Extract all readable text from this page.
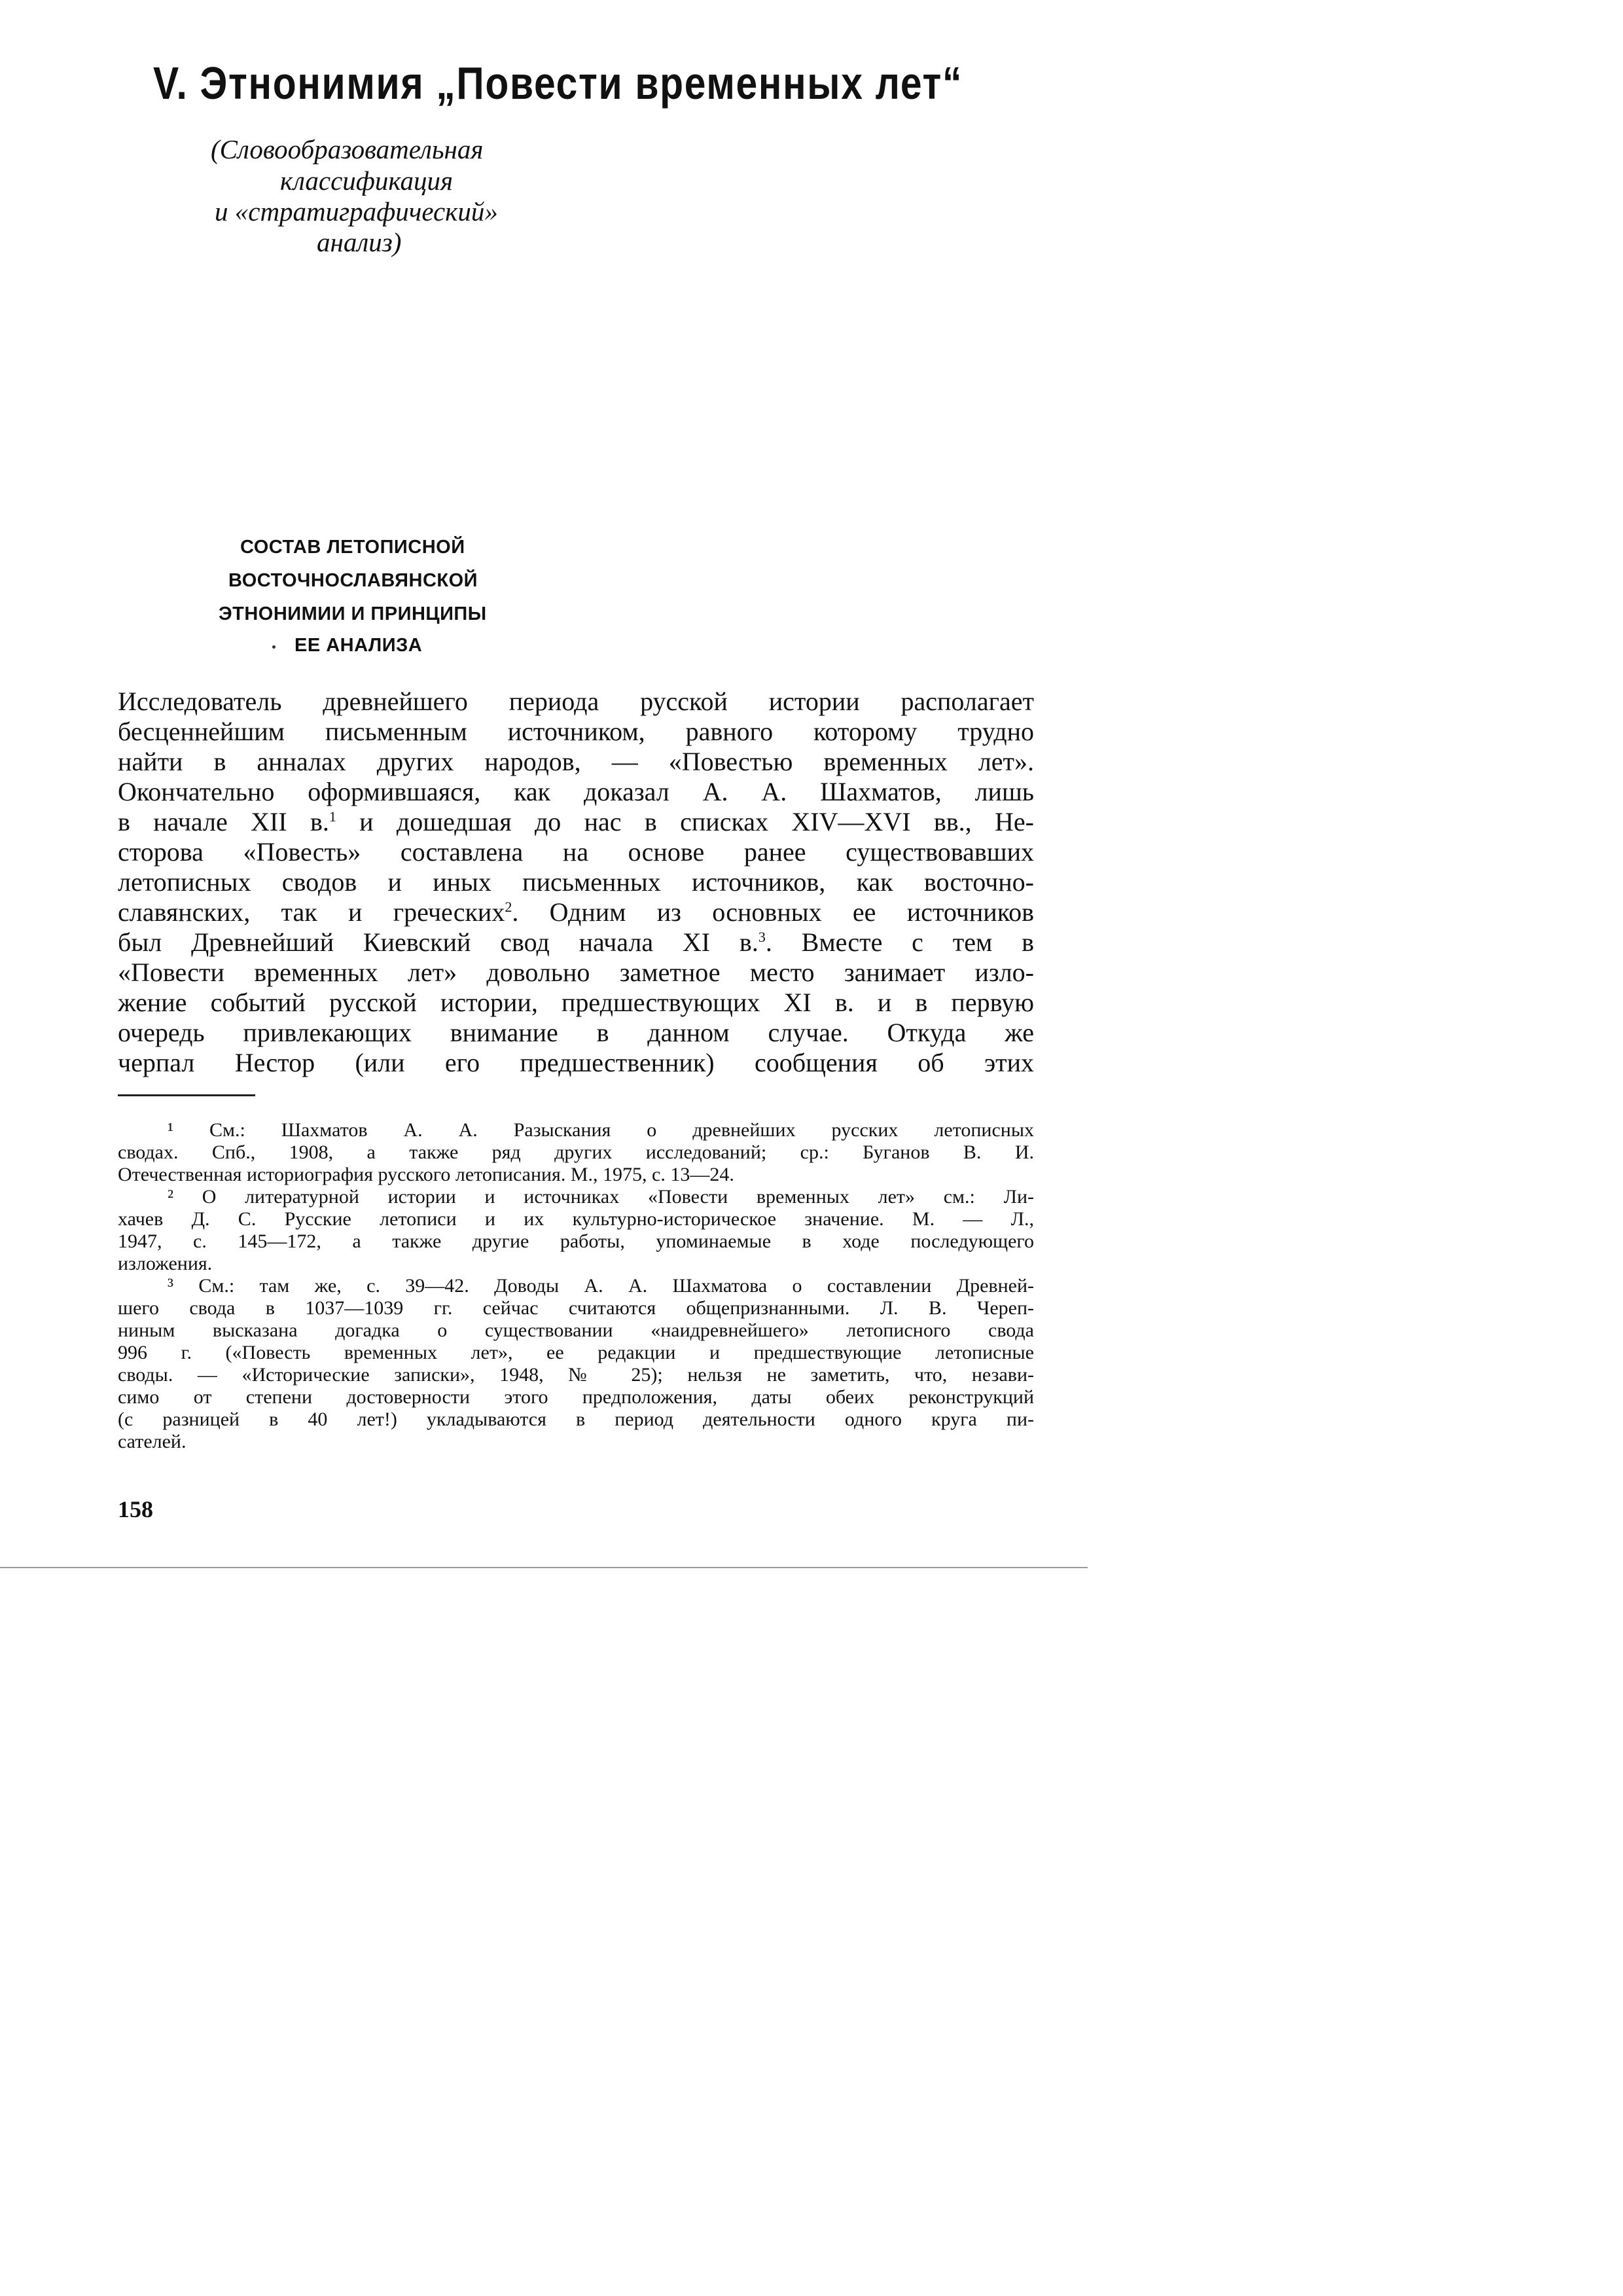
V. Этнонимия „Повести временных лет“

(Словообразовательная

классификация

и «стратиграфический»

анализ)

СОСТАВ ЛЕТОПИСНОЙ

ВОСТОЧНОСЛАВЯНСКОЙ

ЭТНОНИМИИ И ПРИНЦИПЫ

ЕЕ АНАЛИЗА

Исследователь древнейшего периода русской истории располагает

бесценнейшим письменным источником, равного которому трудно

найти в анналах других народов, — «Повестью временных лет».

Окончательно оформившаяся, как доказал А. А. Шахматов, лишь

в начале XII в.$^1$ и дошедшая до нас в списках XIV—XVI вв., Не-

сторова «Повесть» составлена на основе ранее существовавших

летописных сводов и иных письменных источников, как восточно-

славянских, так и греческих$^2$. Одним из основных ее источников

был Древнейший Киевский свод начала XI в.$^3$. Вместе с тем в

«Повести временных лет» довольно заметное место занимает изло-

жение событий русской истории, предшествующих XI в. и в первую

очередь привлекающих внимание в данном случае. Откуда же

черпал Нестор (или его предшественник) сообщения об этих

¹ См.: Шахматов А. А. Разыскания о древнейших русских летописных

сводах. Спб., 1908, а также ряд других исследований; ср.: Буганов В. И.

Отечественная историография русского летописания. М., 1975, с. 13—24.

² О литературной истории и источниках «Повести временных лет» см.: Ли-

хачев Д. С. Русские летописи и их культурно-историческое значение. М. — Л.,

1947, с. 145—172, а также другие работы, упоминаемые в ходе последующего

изложения.

³ См.: там же, с. 39—42. Доводы А. А. Шахматова о составлении Древней-

шего свода в 1037—1039 гг. сейчас считаются общепризнанными. Л. В. Череп-

ниным высказана догадка о существовании «наидревнейшего» летописного свода

996 г. («Повесть временных лет», ее редакции и предшествующие летописные

своды. — «Исторические записки», 1948, № 25); нельзя не заметить, что, незави-

симо от степени достоверности этого предположения, даты обеих реконструкций

(с разницей в 40 лет!) укладываются в период деятельности одного круга пи-

сателей.

158
